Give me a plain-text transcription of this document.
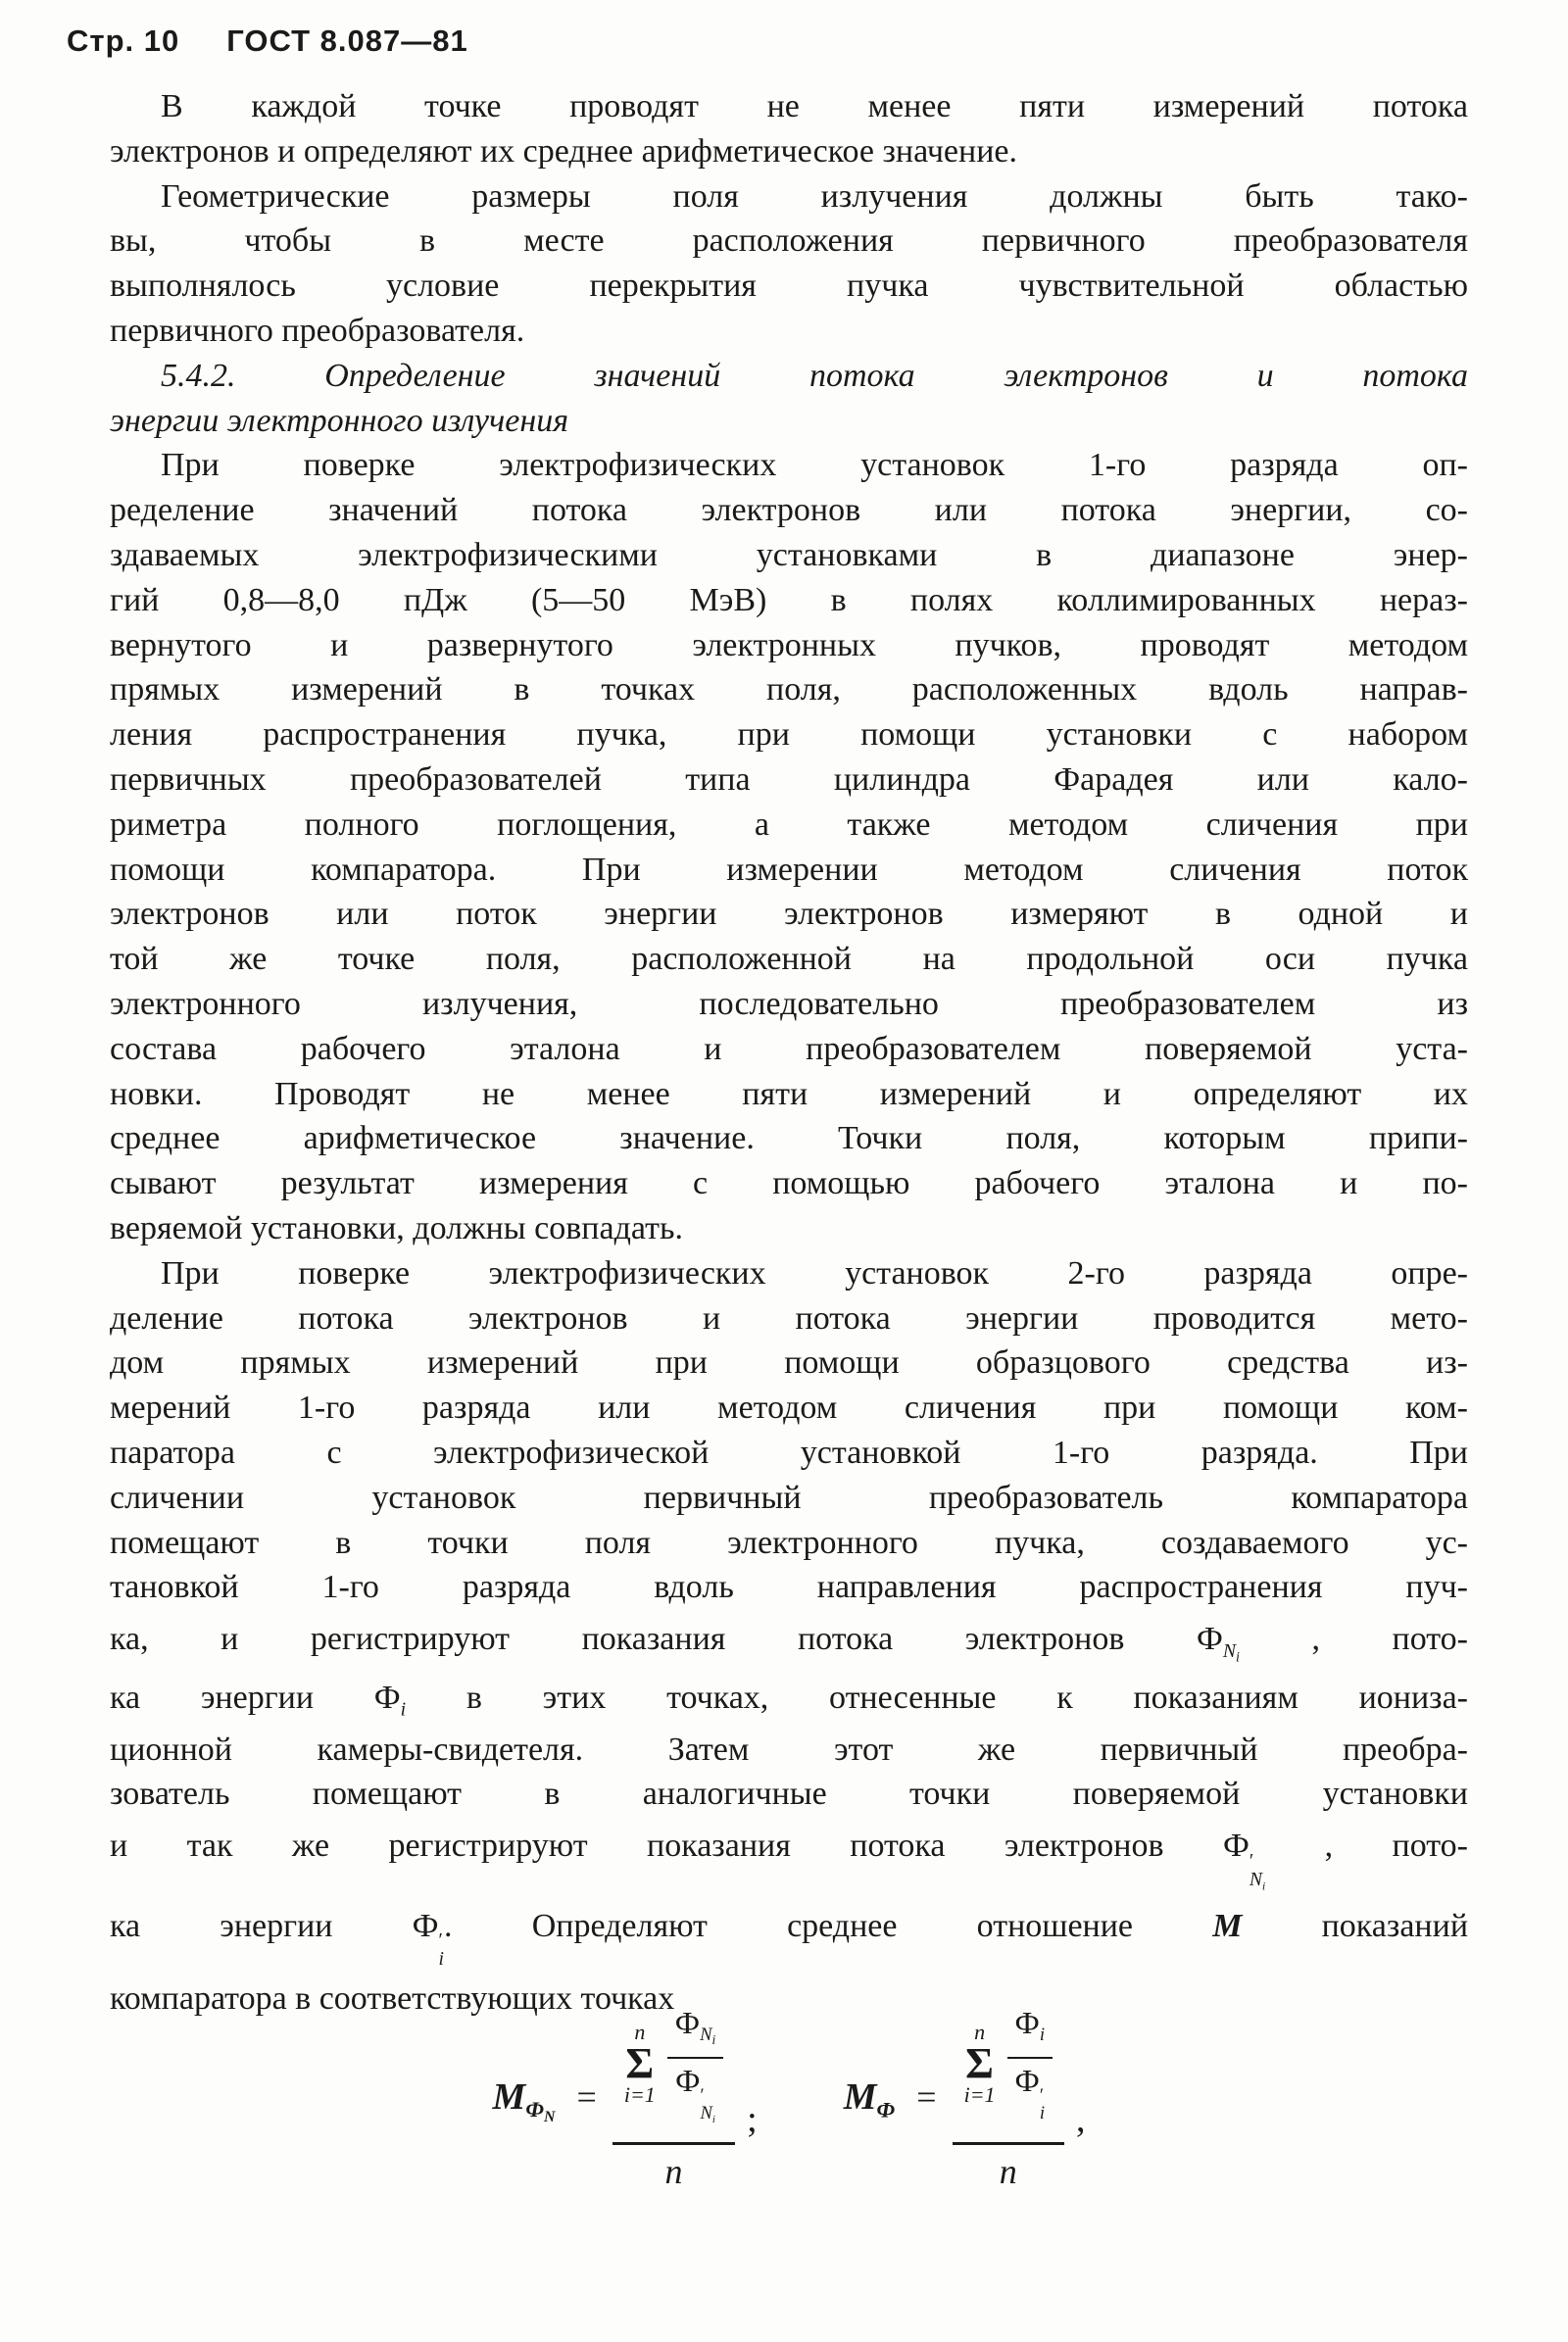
Стр. 10 ГОСТ 8.087—81
В каждой точке проводят не менее пяти измерений потока
электронов и определяют их среднее арифметическое значение.
Геометрические размеры поля излучения должны быть тако-
вы, чтобы в месте расположения первичного преобразователя
выполнялось условие перекрытия пучка чувствительной областью
первичного преобразователя.
5.4.2. Определение значений потока электронов и потока
энергии электронного излучения
При поверке электрофизических установок 1-го разряда оп-
ределение значений потока электронов или потока энергии, со-
здаваемых электрофизическими установками в диапазоне энер-
гий 0,8—8,0 пДж (5—50 МэВ) в полях коллимированных нераз-
вернутого и развернутого электронных пучков, проводят методом
прямых измерений в точках поля, расположенных вдоль направ-
ления распространения пучка, при помощи установки с набором
первичных преобразователей типа цилиндра Фарадея или кало-
риметра полного поглощения, а также методом сличения при
помощи компаратора. При измерении методом сличения поток
электронов или поток энергии электронов измеряют в одной и
той же точке поля, расположенной на продольной оси пучка
электронного излучения, последовательно преобразователем из
состава рабочего эталона и преобразователем поверяемой уста-
новки. Проводят не менее пяти измерений и определяют их
среднее арифметическое значение. Точки поля, которым припи-
сывают результат измерения с помощью рабочего эталона и по-
веряемой установки, должны совпадать.
При поверке электрофизических установок 2-го разряда опре-
деление потока электронов и потока энергии проводится мето-
дом прямых измерений при помощи образцового средства из-
мерений 1-го разряда или методом сличения при помощи ком-
паратора с электрофизической установкой 1-го разряда. При
сличении установок первичный преобразователь компаратора
помещают в точки поля электронного пучка, создаваемого ус-
тановкой 1-го разряда вдоль направления распространения пуч-
ка, и регистрируют показания потока электронов $Ф_{N_i}$ , пото-
ка энергии $Ф_i$ в этих точках, отнесенные к показаниям иониза-
ционной камеры-свидетеля. Затем этот же первичный преобра-
зователь помещают в аналогичные точки поверяемой установки
и так же регистрируют показания потока электронов Ф ′
$N_i$
, пото-
ка энергии Ф ′
i
. Определяют среднее отношение М показаний
компаратора в соответствующих точках
$М_{Ф_N}$
=
n
Σ
i=1
$Ф_{N_i}$
Ф ′
$N_i$
n
;
$М_Ф$ =
n
Σ
i=1
$Ф_i$
Ф ′
i
n
,
